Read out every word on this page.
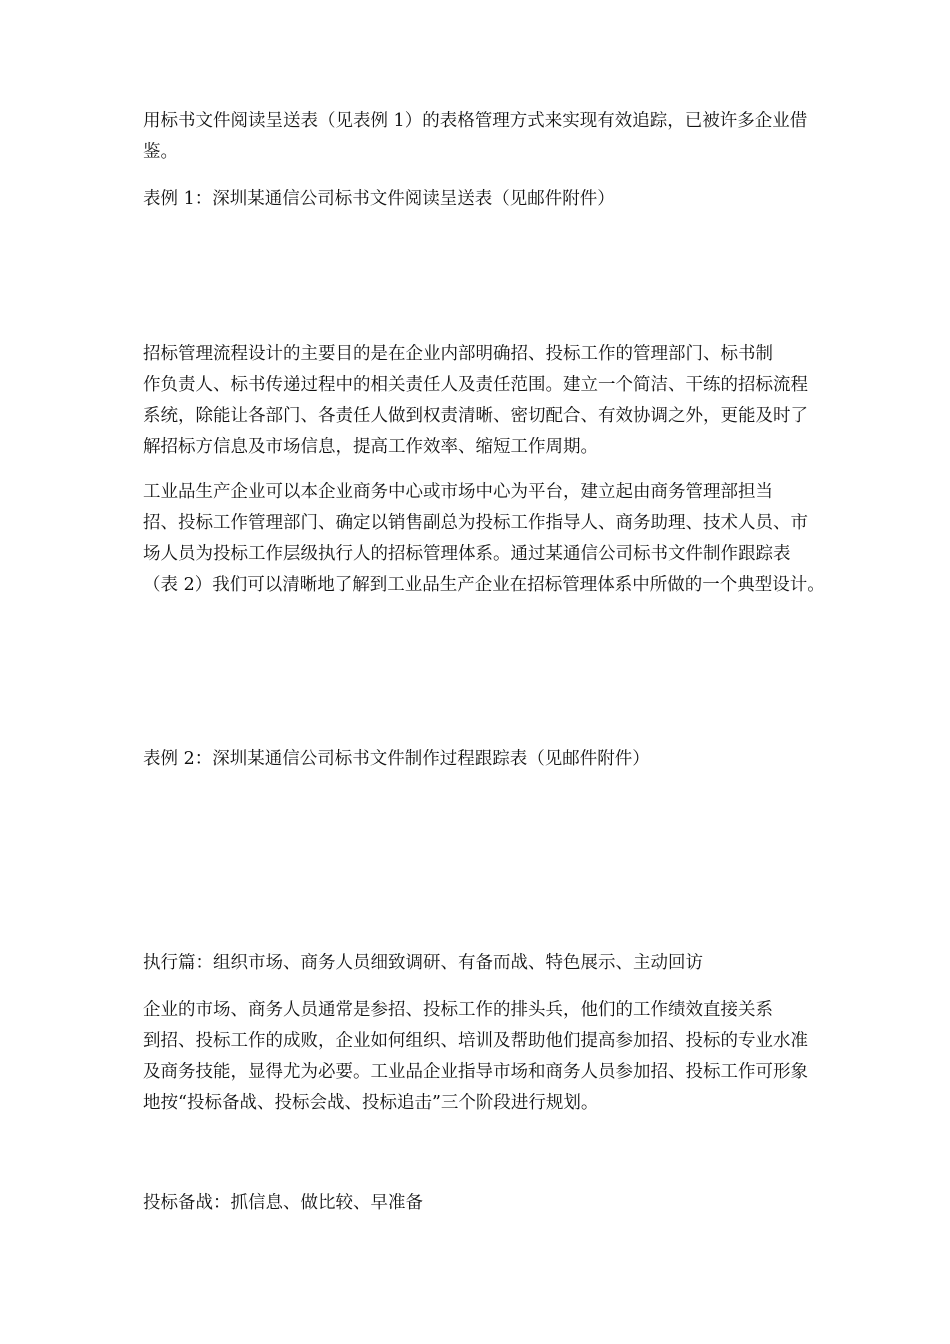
用标书文件阅读呈送表（见表例 1）的表格管理方式来实现有效追踪，已被许多企业借
鉴。

表例 1：深圳某通信公司标书文件阅读呈送表（见邮件附件）

招标管理流程设计的主要目的是在企业内部明确招、投标工作的管理部门、标书制
作负责人、标书传递过程中的相关责任人及责任范围。建立一个简洁、干练的招标流程
系统，除能让各部门、各责任人做到权责清晰、密切配合、有效协调之外，更能及时了
解招标方信息及市场信息，提高工作效率、缩短工作周期。

工业品生产企业可以本企业商务中心或市场中心为平台，建立起由商务管理部担当
招、投标工作管理部门、确定以销售副总为投标工作指导人、商务助理、技术人员、市
场人员为投标工作层级执行人的招标管理体系。通过某通信公司标书文件制作跟踪表
（表 2）我们可以清晰地了解到工业品生产企业在招标管理体系中所做的一个典型设计。

表例 2：深圳某通信公司标书文件制作过程跟踪表（见邮件附件）

执行篇：组织市场、商务人员细致调研、有备而战、特色展示、主动回访

企业的市场、商务人员通常是参招、投标工作的排头兵，他们的工作绩效直接关系
到招、投标工作的成败，企业如何组织、培训及帮助他们提高参加招、投标的专业水准
及商务技能，显得尤为必要。工业品企业指导市场和商务人员参加招、投标工作可形象
地按“投标备战、投标会战、投标追击”三个阶段进行规划。

投标备战：抓信息、做比较、早准备
